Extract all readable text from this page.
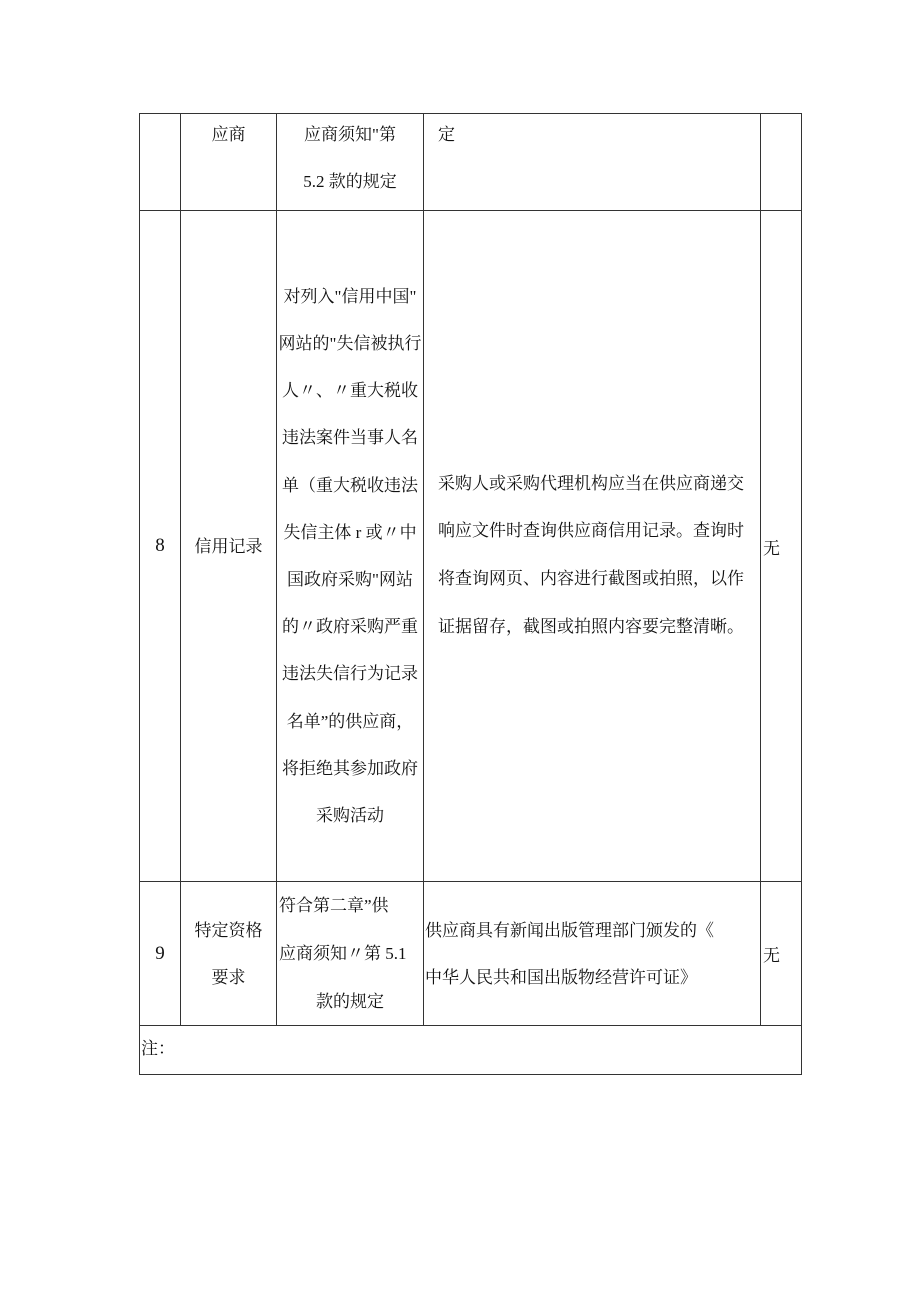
应商	应商须知"第
5.2 款的规定
定
8 信用记录
对列入"信用中国"
网站的"失信被执行
人〃、〃重大税收
违法案件当事人名
单（重大税收违法
失信主体 r 或〃中
国政府采购"网站
的〃政府采购严重
违法失信行为记录
名单”的供应商，
将拒绝其参加政府
采购活动
采购人或采购代理机构应当在供应商递交
响应文件时查询供应商信用记录。查询时
将查询网页、内容进行截图或拍照，以作
证据留存，截图或拍照内容要完整清晰。
无
9
特定资格
要求
符合第二章”供
应商须知〃第 5.1
款的规定
供应商具有新闻出版管理部门颁发的《
中华人民共和国出版物经营许可证》
无
注：
